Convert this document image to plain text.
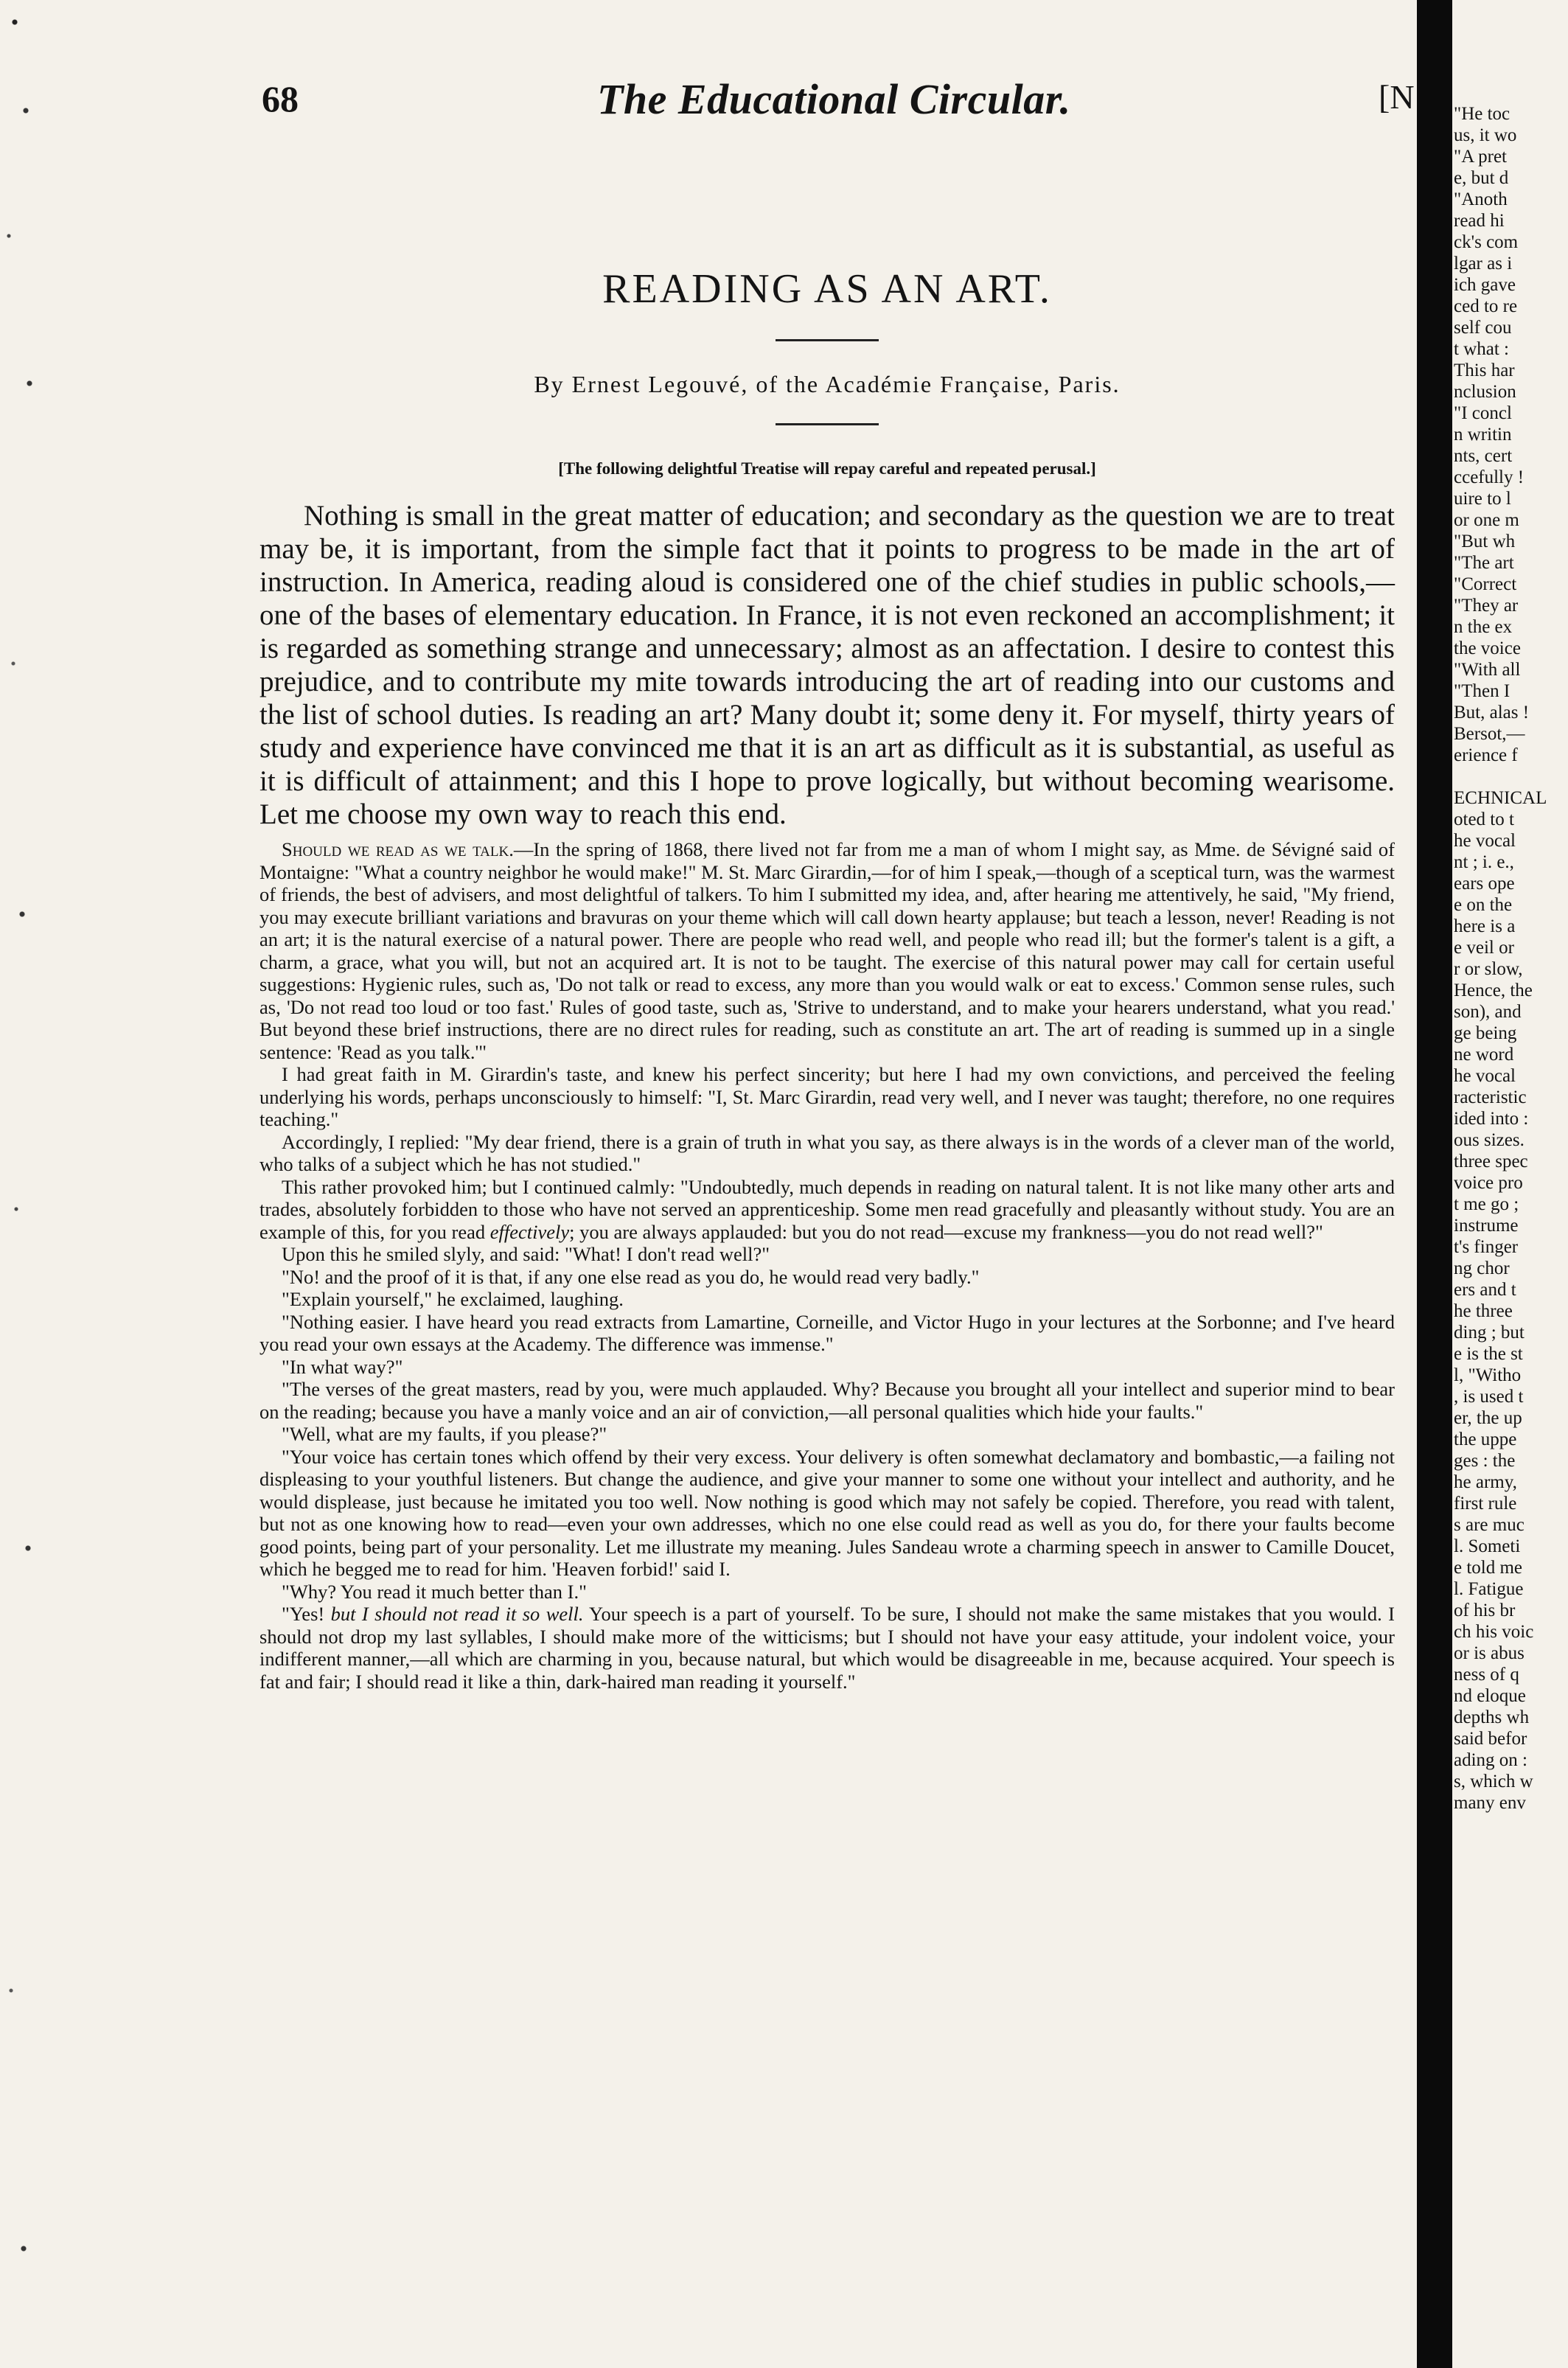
68	The Educational Circular.	[N
READING AS AN ART.
By Ernest Legouvé, of the Académie Française, Paris.
[The following delightful Treatise will repay careful and repeated perusal.]

Nothing is small in the great matter of education; and secondary as the question we are to treat may be, it is important, from the simple fact that it points to progress to be made in the art of instruction. In America, reading aloud is considered one of the chief studies in public schools,—one of the bases of elementary education. In France, it is not even reckoned an accomplishment; it is regarded as something strange and unnecessary; almost as an affectation. I desire to contest this prejudice, and to contribute my mite towards introducing the art of reading into our customs and the list of school duties. Is reading an art? Many doubt it; some deny it. For myself, thirty years of study and experience have convinced me that it is an art as difficult as it is substantial, as useful as it is difficult of attainment; and this I hope to prove logically, but without becoming wearisome. Let me choose my own way to reach this end.

Should we read as we talk.—In the spring of 1868, there lived not far from me a man of whom I might say, as Mme. de Sévigné said of Montaigne: "What a country neighbor he would make!" M. St. Marc Girardin,—for of him I speak,—though of a sceptical turn, was the warmest of friends, the best of advisers, and most delightful of talkers. To him I submitted my idea, and, after hearing me attentively, he said, "My friend, you may execute brilliant variations and bravuras on your theme which will call down hearty applause; but teach a lesson, never! Reading is not an art; it is the natural exercise of a natural power. There are people who read well, and people who read ill; but the former's talent is a gift, a charm, a grace, what you will, but not an acquired art. It is not to be taught. The exercise of this natural power may call for certain useful suggestions: Hygienic rules, such as, 'Do not talk or read to excess, any more than you would walk or eat to excess.' Common sense rules, such as, 'Do not read too loud or too fast.' Rules of good taste, such as, 'Strive to understand, and to make your hearers understand, what you read.' But beyond these brief instructions, there are no direct rules for reading, such as constitute an art. The art of reading is summed up in a single sentence: 'Read as you talk.'"

I had great faith in M. Girardin's taste, and knew his perfect sincerity; but here I had my own convictions, and perceived the feeling underlying his words, perhaps unconsciously to himself: "I, St. Marc Girardin, read very well, and I never was taught; therefore, no one requires teaching."

Accordingly, I replied: "My dear friend, there is a grain of truth in what you say, as there always is in the words of a clever man of the world, who talks of a subject which he has not studied."

This rather provoked him; but I continued calmly: "Undoubtedly, much depends in reading on natural talent. It is not like many other arts and trades, absolutely forbidden to those who have not served an apprenticeship. Some men read gracefully and pleasantly without study. You are an example of this, for you read effectively; you are always applauded: but you do not read—excuse my frankness—you do not read well?"

Upon this he smiled slyly, and said: "What! I don't read well?"

"No! and the proof of it is that, if any one else read as you do, he would read very badly."

"Explain yourself," he exclaimed, laughing.

"Nothing easier. I have heard you read extracts from Lamartine, Corneille, and Victor Hugo in your lectures at the Sorbonne; and I've heard you read your own essays at the Academy. The difference was immense."

"In what way?"

"The verses of the great masters, read by you, were much applauded. Why? Because you brought all your intellect and superior mind to bear on the reading; because you have a manly voice and an air of conviction,—all personal qualities which hide your faults."

"Well, what are my faults, if you please?"

"Your voice has certain tones which offend by their very excess. Your delivery is often somewhat declamatory and bombastic,—a failing not displeasing to your youthful listeners. But change the audience, and give your manner to some one without your intellect and authority, and he would displease, just because he imitated you too well. Now nothing is good which may not safely be copied. Therefore, you read with talent, but not as one knowing how to read—even your own addresses, which no one else could read as well as you do, for there your faults become good points, being part of your personality. Let me illustrate my meaning. Jules Sandeau wrote a charming speech in answer to Camille Doucet, which he begged me to read for him. 'Heaven forbid!' said I.

"Why? You read it much better than I."

"Yes! but I should not read it so well. Your speech is a part of yourself. To be sure, I should not make the same mistakes that you would. I should not drop my last syllables, I should make more of the witticisms; but I should not have your easy attitude, your indolent voice, your indifferent manner,—all which are charming in you, because natural, but which would be disagreeable in me, because acquired. Your speech is fat and fair; I should read it like a thin, dark-haired man reading it yourself."

"He toc

us, it wo

"A pret

e, but d

"Anoth

read hi

ck's com

lgar as i

ich gave

ced to re

self cou

t what :

This har

nclusion

"I concl

n writin

nts, cert

ccefully !

uire to l

or one m

"But wh

"The art

"Correct

"They ar

n the ex

the voice

"With all

"Then I

But, alas !

Bersot,—

erience f

ECHNICAL

oted to t

he vocal

nt ; i. e.,

ears ope

e on the

here is a

e veil or

r or slow,

Hence, the

son), and

ge being

ne word

he vocal

racteristic

ided into :

ous sizes.

three spec

voice pro

t me go ;

instrume

t's finger

ng chor

ers and t

he three

ding ; but

e is the st

l, "Witho

, is used t

er, the up

the uppe

ges : the

he army,

first rule

s are muc

l. Someti

e told me

l. Fatigue

of his br

ch his voic

or is abus

ness of q

nd eloque

depths wh

said befor

ading on :

s, which w

many env
